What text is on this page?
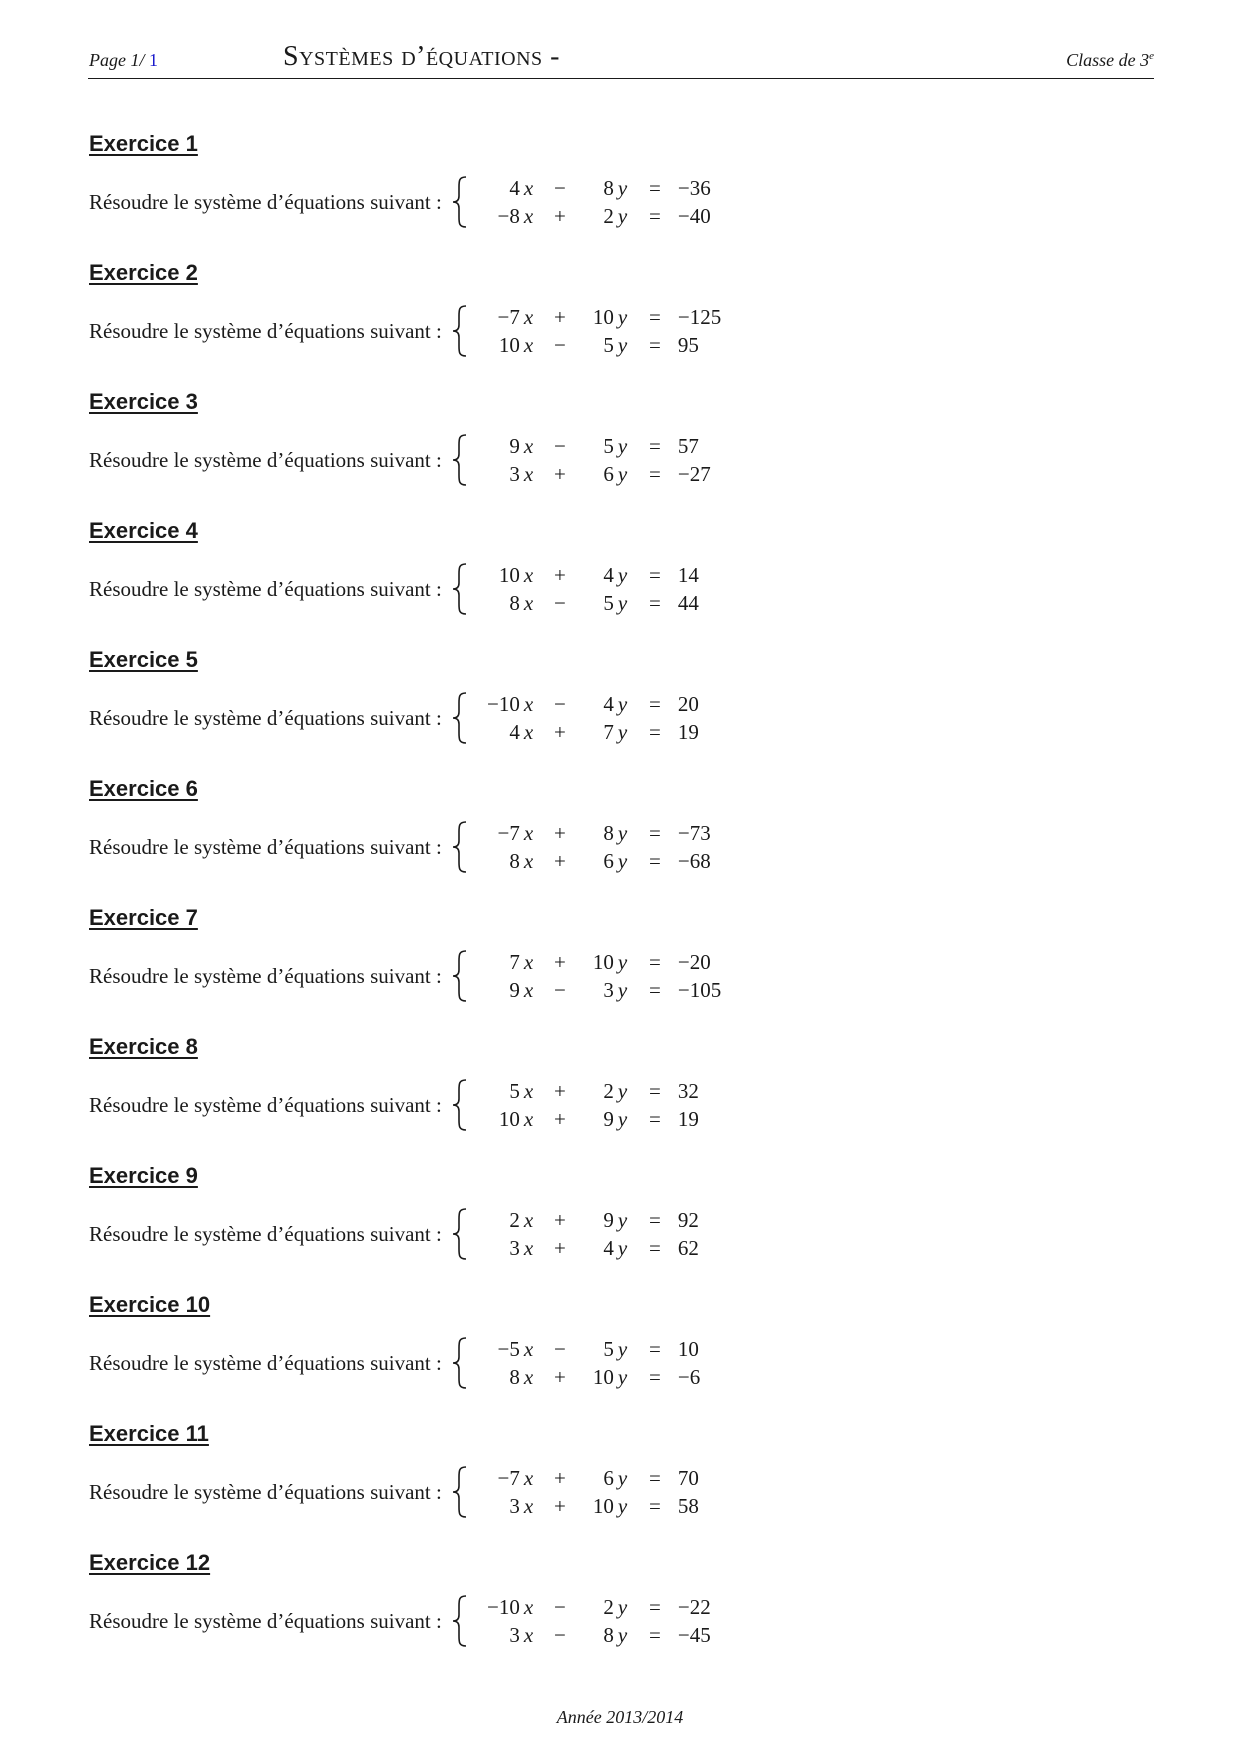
Page 1/ 1	Systèmes d’équations -	Classe de 3e
Exercice 1
Résoudre le système d’équations suivant :
4	x	−	8	y	=	−36
−8	x	+	2	y	=	−40
Exercice 2
Résoudre le système d’équations suivant :
−7	x	+	10	y	=	−125
10	x	−	5	y	=	95
Exercice 3
Résoudre le système d’équations suivant :
9	x	−	5	y	=	57
3	x	+	6	y	=	−27
Exercice 4
Résoudre le système d’équations suivant :
10	x	+	4	y	=	14
8	x	−	5	y	=	44
Exercice 5
Résoudre le système d’équations suivant :
−10	x	−	4	y	=	20
4	x	+	7	y	=	19
Exercice 6
Résoudre le système d’équations suivant :
−7	x	+	8	y	=	−73
8	x	+	6	y	=	−68
Exercice 7
Résoudre le système d’équations suivant :
7	x	+	10	y	=	−20
9	x	−	3	y	=	−105
Exercice 8
Résoudre le système d’équations suivant :
5	x	+	2	y	=	32
10	x	+	9	y	=	19
Exercice 9
Résoudre le système d’équations suivant :
2	x	+	9	y	=	92
3	x	+	4	y	=	62
Exercice 10
Résoudre le système d’équations suivant :
−5	x	−	5	y	=	10
8	x	+	10	y	=	−6
Exercice 11
Résoudre le système d’équations suivant :
−7	x	+	6	y	=	70
3	x	+	10	y	=	58
Exercice 12
Résoudre le système d’équations suivant :
−10	x	−	2	y	=	−22
3	x	−	8	y	=	−45
Année 2013/2014
